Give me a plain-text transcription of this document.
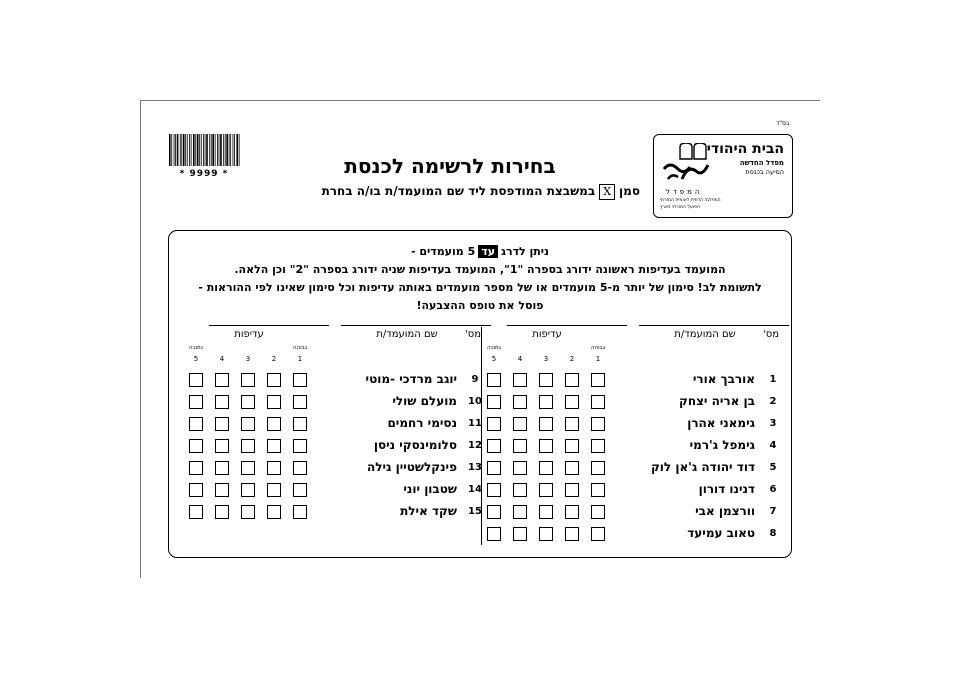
בס"ד
הבית היהודי
מפדל החדשה
הסיעה בכנסת
המפדל
המפלגה הדתית לאומית המזרחי
הפועל המזרחי בארץ
* 9999 *	בחירות לרשימה לכנסת
סמןXבמשבצת המודפסת ליד שם המועמד/ת בו/ה בחרת
ניתן לדרגעד5 מועמדים -
המועמד בעדיפות ראשונה ידורג בספרה "1", המועמד בעדיפות שניה ידורג בספרה "2" וכן הלאה.
לתשומת לב! סימון של יותר מ-5 מועמדים או של מספר מועמדים באותה עדיפות וכל סימון שאינו לפי ההוראות -
פוסל את טופס ההצבעה!
מס'
שם המועמד/ת
עדיפות
גבוהה
נמוכה
5	4	3	2	1
1
אורבך אורי
2
בן אריה יצחק
3
גימאני אהרן
4
גימפל ג'רמי
5
דוד יהודה ג'אן לוק
6
דנינו דורון
7
וורצמן אבי
8
טאוב עמיעד
מס'
שם המועמד/ת
עדיפות
גבוהה
נמוכה
5	4	3	2	1
9
יוגב מרדכי -מוטי
10
מועלם שולי
11
נסימי רחמים
12
סלומינסקי ניסן
13
פינקלשטיין גילה
14
שטבון יוני
15
שקד אילת
